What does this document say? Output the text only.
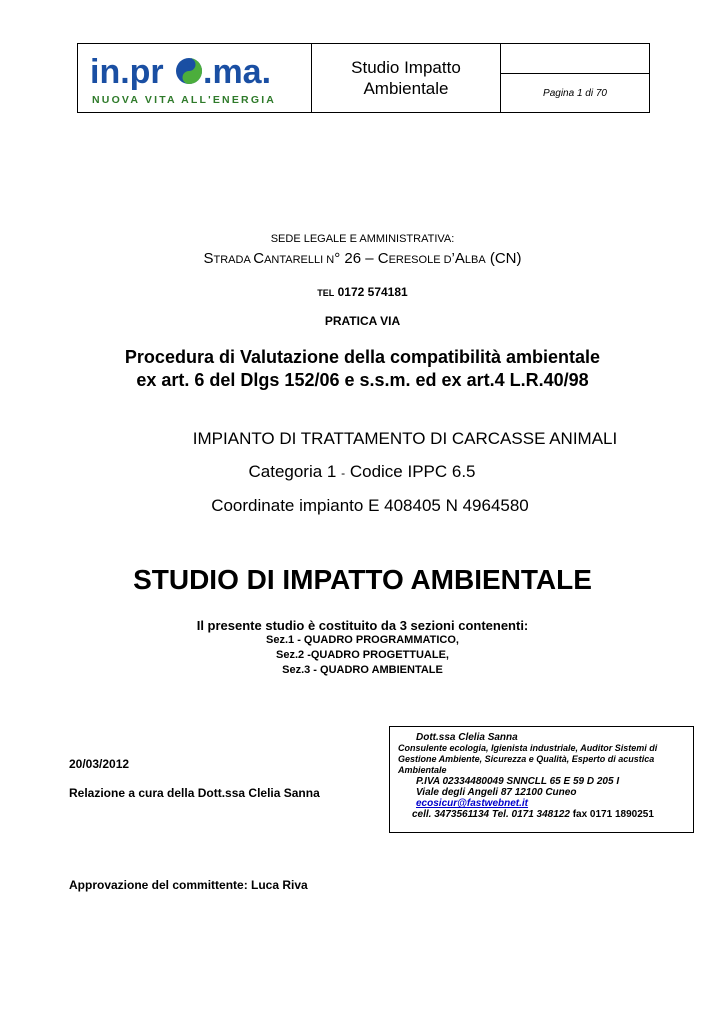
in.pr .ma.
NUOVA VITA ALL'ENERGIA
	Studio Impatto
Ambientale	
Pagina 1 di 70
SEDE LEGALE E AMMINISTRATIVA:
STRADA CANTARELLI N° 26 – CERESOLE D’ALBA (CN)
TEL 0172 574181
PRATICA VIA
Procedura di Valutazione della compatibilità ambientale
ex art. 6 del Dlgs 152/06 e s.s.m. ed ex art.4 L.R.40/98
IMPIANTO DI TRATTAMENTO DI CARCASSE ANIMALI
Categoria 1 - Codice IPPC 6.5
Coordinate impianto E 408405 N 4964580
STUDIO DI IMPATTO AMBIENTALE
Il presente studio è costituito da 3 sezioni contenenti:
Sez.1 - QUADRO PROGRAMMATICO,
Sez.2 -QUADRO PROGETTUALE,
Sez.3 - QUADRO AMBIENTALE
20/03/2012
Relazione a cura della Dott.ssa Clelia Sanna
Approvazione del committente: Luca Riva
Dott.ssa Clelia Sanna
Consulente ecologia, Igienista industriale, Auditor Sistemi di Gestione Ambiente, Sicurezza e Qualità, Esperto di acustica Ambientale
P.IVA 02334480049 SNNCLL 65 E 59 D 205 I
Viale degli Angeli 87 12100 Cuneo
ecosicur@fastwebnet.it
cell. 3473561134 Tel. 0171 348122 fax 0171 1890251
